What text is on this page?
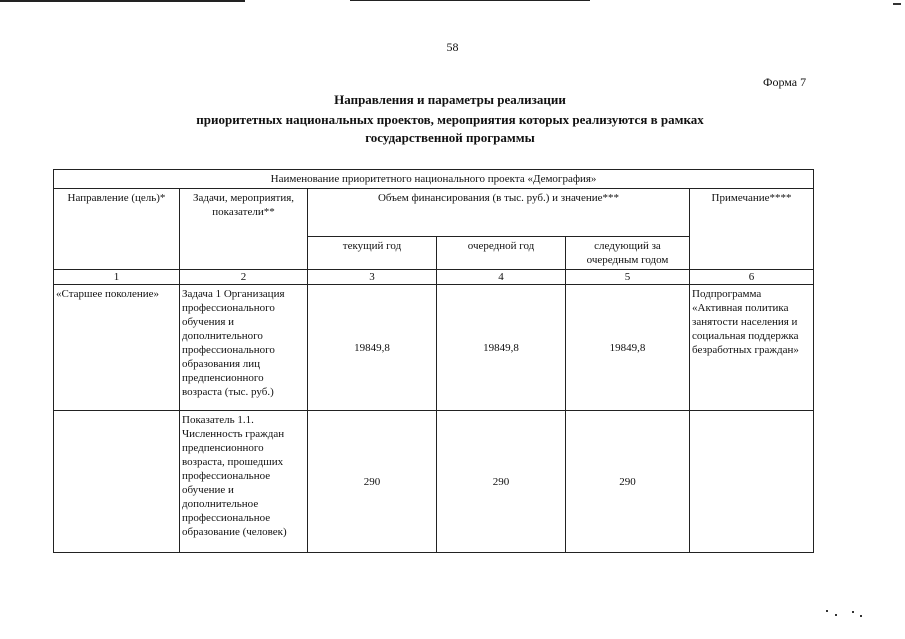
58
Форма 7
Направления и параметры реализации
приоритетных национальных проектов, мероприятия которых реализуются в рамках
государственной программы
Наименование приоритетного национального проекта «Демография»					
Направление (цель)*	Задачи, мероприятия, показатели**	Объем финансирования (в тыс. руб.) и значение***			Примечание****
		текущий год	очередной год	следующий за очередным годом	
1	2	3	4	5	6
«Старшее поколение»	Задача 1 Организация профессионального обучения и дополнительного профессионального образования лиц предпенсионного возраста (тыс. руб.)	19849,8	19849,8	19849,8	Подпрограмма «Активная политика занятости населения и социальная поддержка безработных граждан»
	Показатель 1.1. Численность граждан предпенсионного возраста, прошедших профессиональное обучение и дополнительное профессиональное образование (человек)	290	290	290	
